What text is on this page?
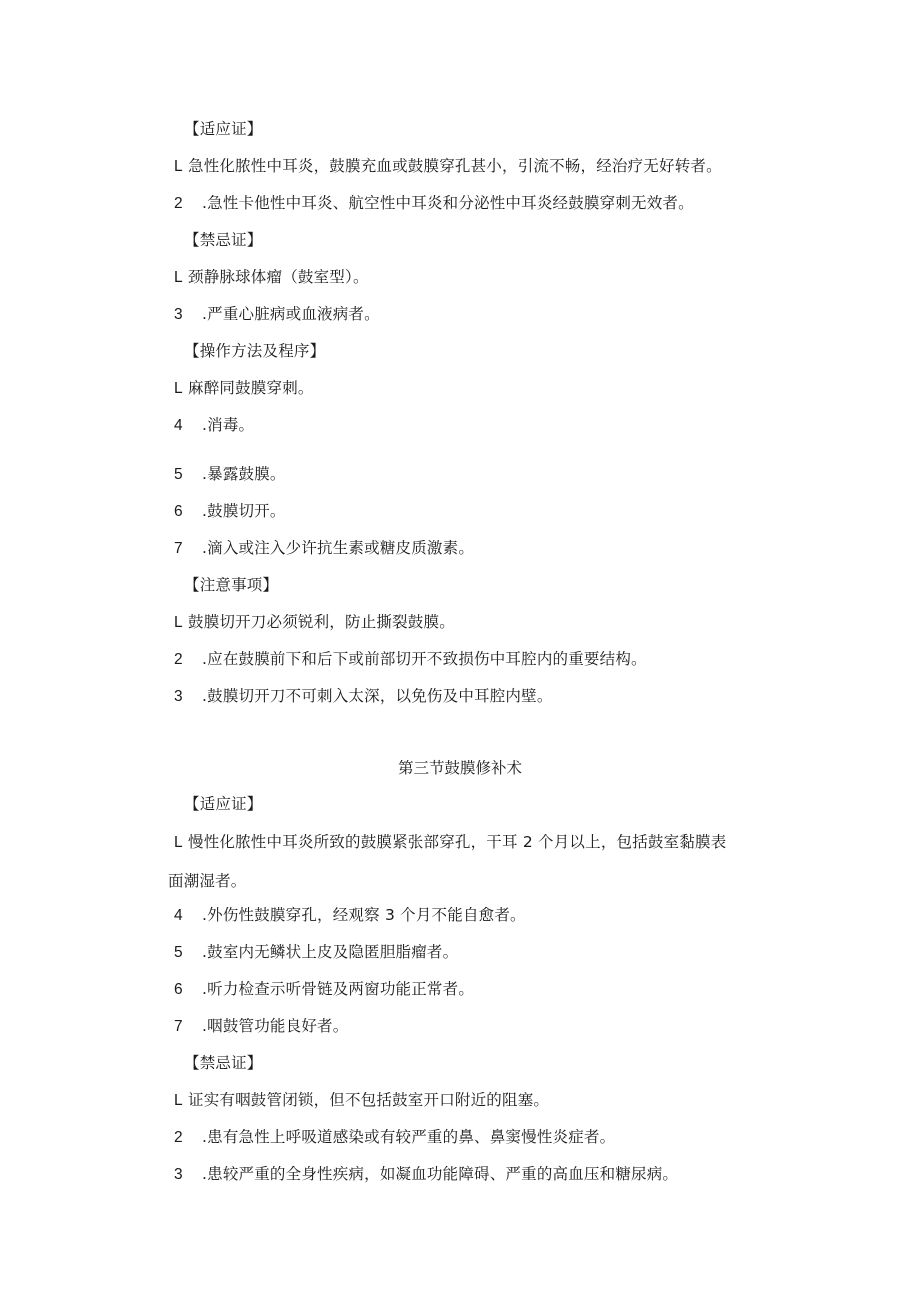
【适应证】
L 急性化脓性中耳炎，鼓膜充血或鼓膜穿孔甚小，引流不畅，经治疗无好转者。
2 .急性卡他性中耳炎、航空性中耳炎和分泌性中耳炎经鼓膜穿刺无效者。
【禁忌证】
L 颈静脉球体瘤（鼓室型）。
3 .严重心脏病或血液病者。
【操作方法及程序】
L 麻醉同鼓膜穿刺。
4 .消毒。
5 .暴露鼓膜。
6 .鼓膜切开。
7 .滴入或注入少许抗生素或糖皮质激素。
【注意事项】
L 鼓膜切开刀必须锐利，防止撕裂鼓膜。
2 .应在鼓膜前下和后下或前部切开不致损伤中耳腔内的重要结构。
3 .鼓膜切开刀不可刺入太深，以免伤及中耳腔内壁。
第三节鼓膜修补术
【适应证】
L 慢性化脓性中耳炎所致的鼓膜紧张部穿孔，干耳 2 个月以上，包括鼓室黏膜表
面潮湿者。
4 .外伤性鼓膜穿孔，经观察 3 个月不能自愈者。
5 .鼓室内无鳞状上皮及隐匿胆脂瘤者。
6 .听力检查示听骨链及两窗功能正常者。
7 .咽鼓管功能良好者。
【禁忌证】
L 证实有咽鼓管闭锁，但不包括鼓室开口附近的阻塞。
2 .患有急性上呼吸道感染或有较严重的鼻、鼻窦慢性炎症者。
3 .患较严重的全身性疾病，如凝血功能障碍、严重的高血压和糖尿病。
